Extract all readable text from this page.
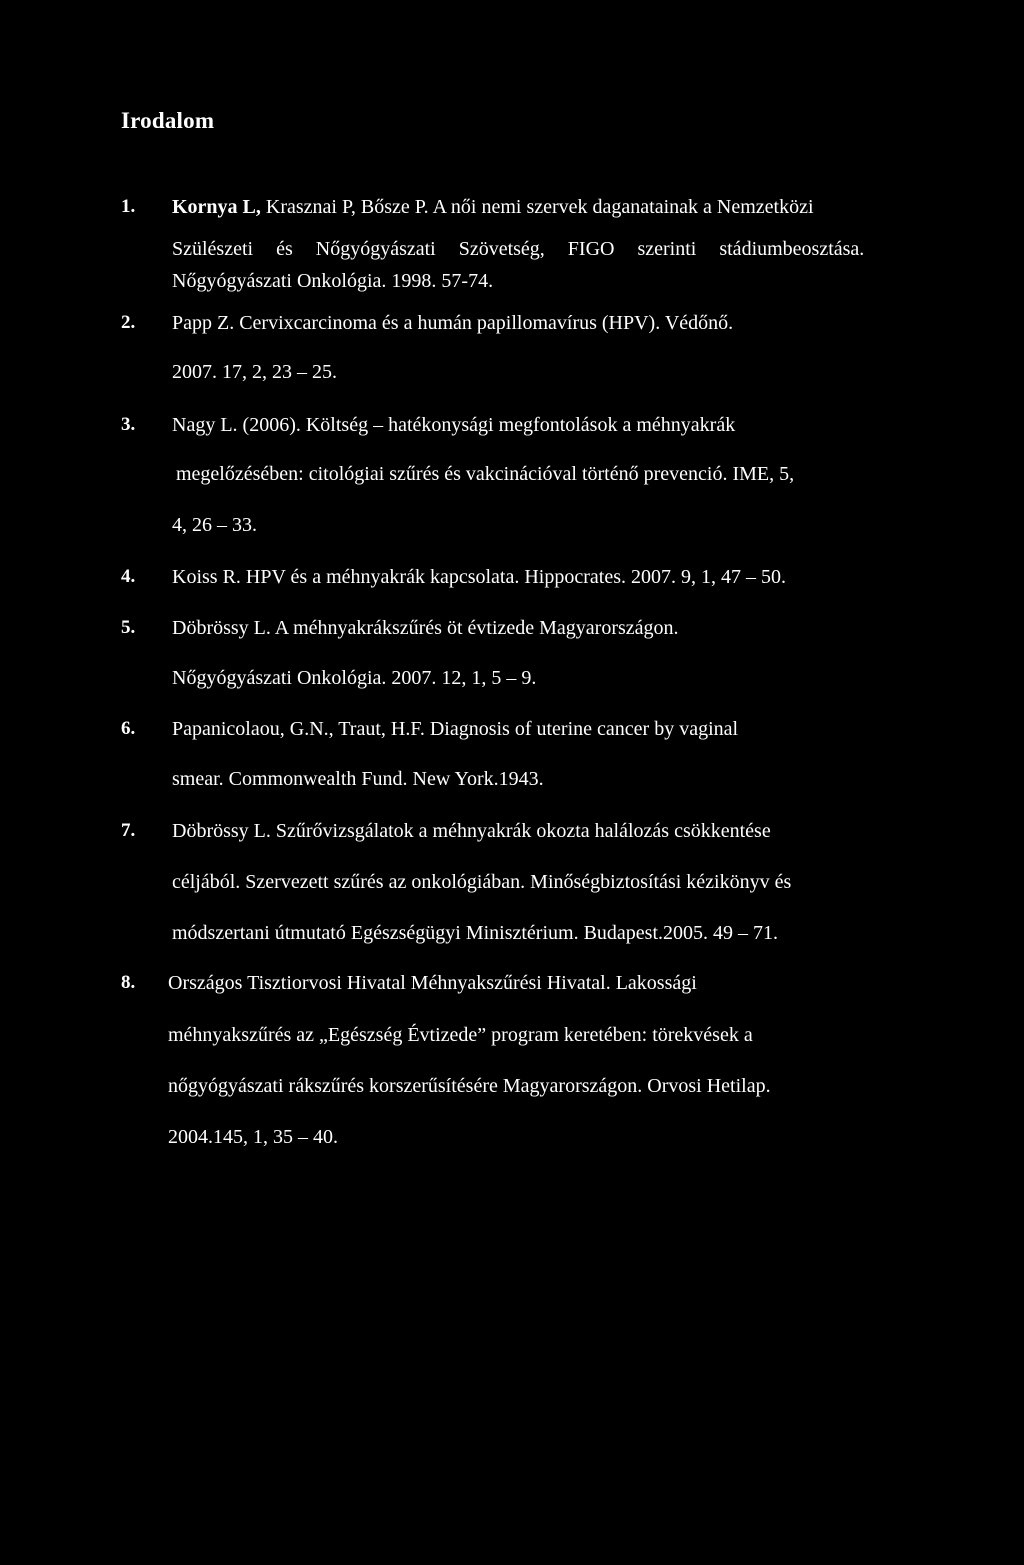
Irodalom
1. Kornya L, Krasznai P, Bősze P. A női nemi szervek daganatainak a Nemzetközi
Szülészeti és Nőgyógyászati Szövetség, FIGO szerinti stádiumbeosztása.
Nőgyógyászati Onkológia. 1998. 57-74.
2. Papp Z. Cervixcarcinoma és a humán papillomavírus (HPV). Védőnő.
2007. 17, 2, 23 – 25.
3. Nagy L. (2006). Költség – hatékonysági megfontolások a méhnyakrák
megelőzésében: citológiai szűrés és vakcinációval történő prevenció. IME, 5,
4, 26 – 33.
4. Koiss R. HPV és a méhnyakrák kapcsolata. Hippocrates. 2007. 9, 1, 47 – 50.
5. Döbrössy L. A méhnyakrákszűrés öt évtizede Magyarországon.
Nőgyógyászati Onkológia. 2007. 12, 1, 5 – 9.
6. Papanicolaou, G.N., Traut, H.F. Diagnosis of uterine cancer by vaginal
smear. Commonwealth Fund. New York.1943.
7. Döbrössy L. Szűrővizsgálatok a méhnyakrák okozta halálozás csökkentése
céljából. Szervezett szűrés az onkológiában. Minőségbiztosítási kézikönyv és
módszertani útmutató Egészségügyi Minisztérium. Budapest.2005. 49 – 71.
8. Országos Tisztiorvosi Hivatal Méhnyakszűrési Hivatal. Lakossági
méhnyakszűrés az „Egészség Évtizede” program keretében: törekvések a
nőgyógyászati rákszűrés korszerűsítésére Magyarországon. Orvosi Hetilap.
2004.145, 1, 35 – 40.
